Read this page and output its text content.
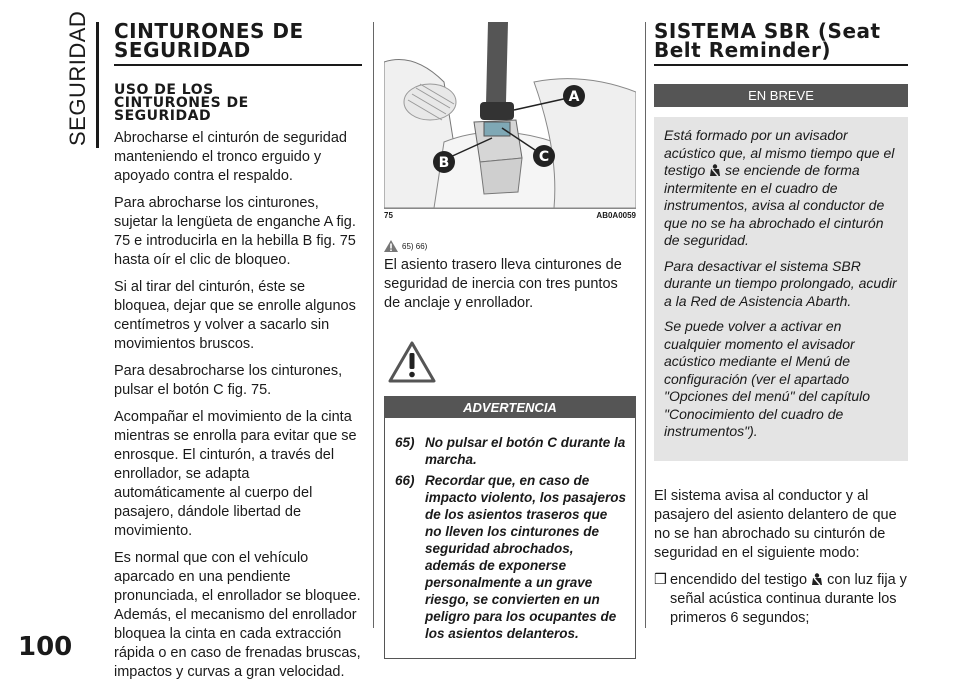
SEGURIDAD
100
CINTURONES DE SEGURIDAD
USO DE LOS CINTURONES DE SEGURIDAD

Abrocharse el cinturón de seguridad manteniendo el tronco erguido y apoyado contra el respaldo.

Para abrocharse los cinturones, sujetar la lengüeta de enganche A fig. 75 e introducirla en la hebilla B fig. 75 hasta oír el clic de bloqueo.

Si al tirar del cinturón, éste se bloquea, dejar que se enrolle algunos centímetros y volver a sacarlo sin movimientos bruscos.

Para desabrocharse los cinturones, pulsar el botón C fig. 75.

Acompañar el movimiento de la cinta mientras se enrolla para evitar que se enrosque. El cinturón, a través del enrollador, se adapta automáticamente al cuerpo del pasajero, dándole libertad de movimiento.

Es normal que con el vehículo aparcado en una pendiente pronunciada, el enrollador se bloquee. Además, el mecanismo del enrollador bloquea la cinta en cada extracción rápida o en caso de frenadas bruscas, impactos y curvas a gran velocidad.

A
B	C
75	AB0A0059
65) 66)

El asiento trasero lleva cinturones de seguridad de inercia con tres puntos de anclaje y enrollador.

ADVERTENCIA
65) No pulsar el botón C durante la marcha.
66) Recordar que, en caso de impacto violento, los pasajeros de los asientos traseros que no lleven los cinturones de seguridad abrochados, además de exponerse personalmente a un grave riesgo, se convierten en un peligro para los ocupantes de los asientos delanteros.
SISTEMA SBR (Seat Belt Reminder)
EN BREVE

Está formado por un avisador acústico que, al mismo tiempo que el testigo se enciende de forma intermitente en el cuadro de instrumentos, avisa al conductor de que no se ha abrochado el cinturón de seguridad.

Para desactivar el sistema SBR durante un tiempo prolongado, acudir a la Red de Asistencia Abarth.

Se puede volver a activar en cualquier momento el avisador acústico mediante el Menú de configuración (ver el apartado "Opciones del menú" del capítulo "Conocimiento del cuadro de instrumentos").

El sistema avisa al conductor y al pasajero del asiento delantero de que no se han abrochado su cinturón de seguridad en el siguiente modo:

❒ encendido del testigo con luz fija y señal acústica continua durante los primeros 6 segundos;
